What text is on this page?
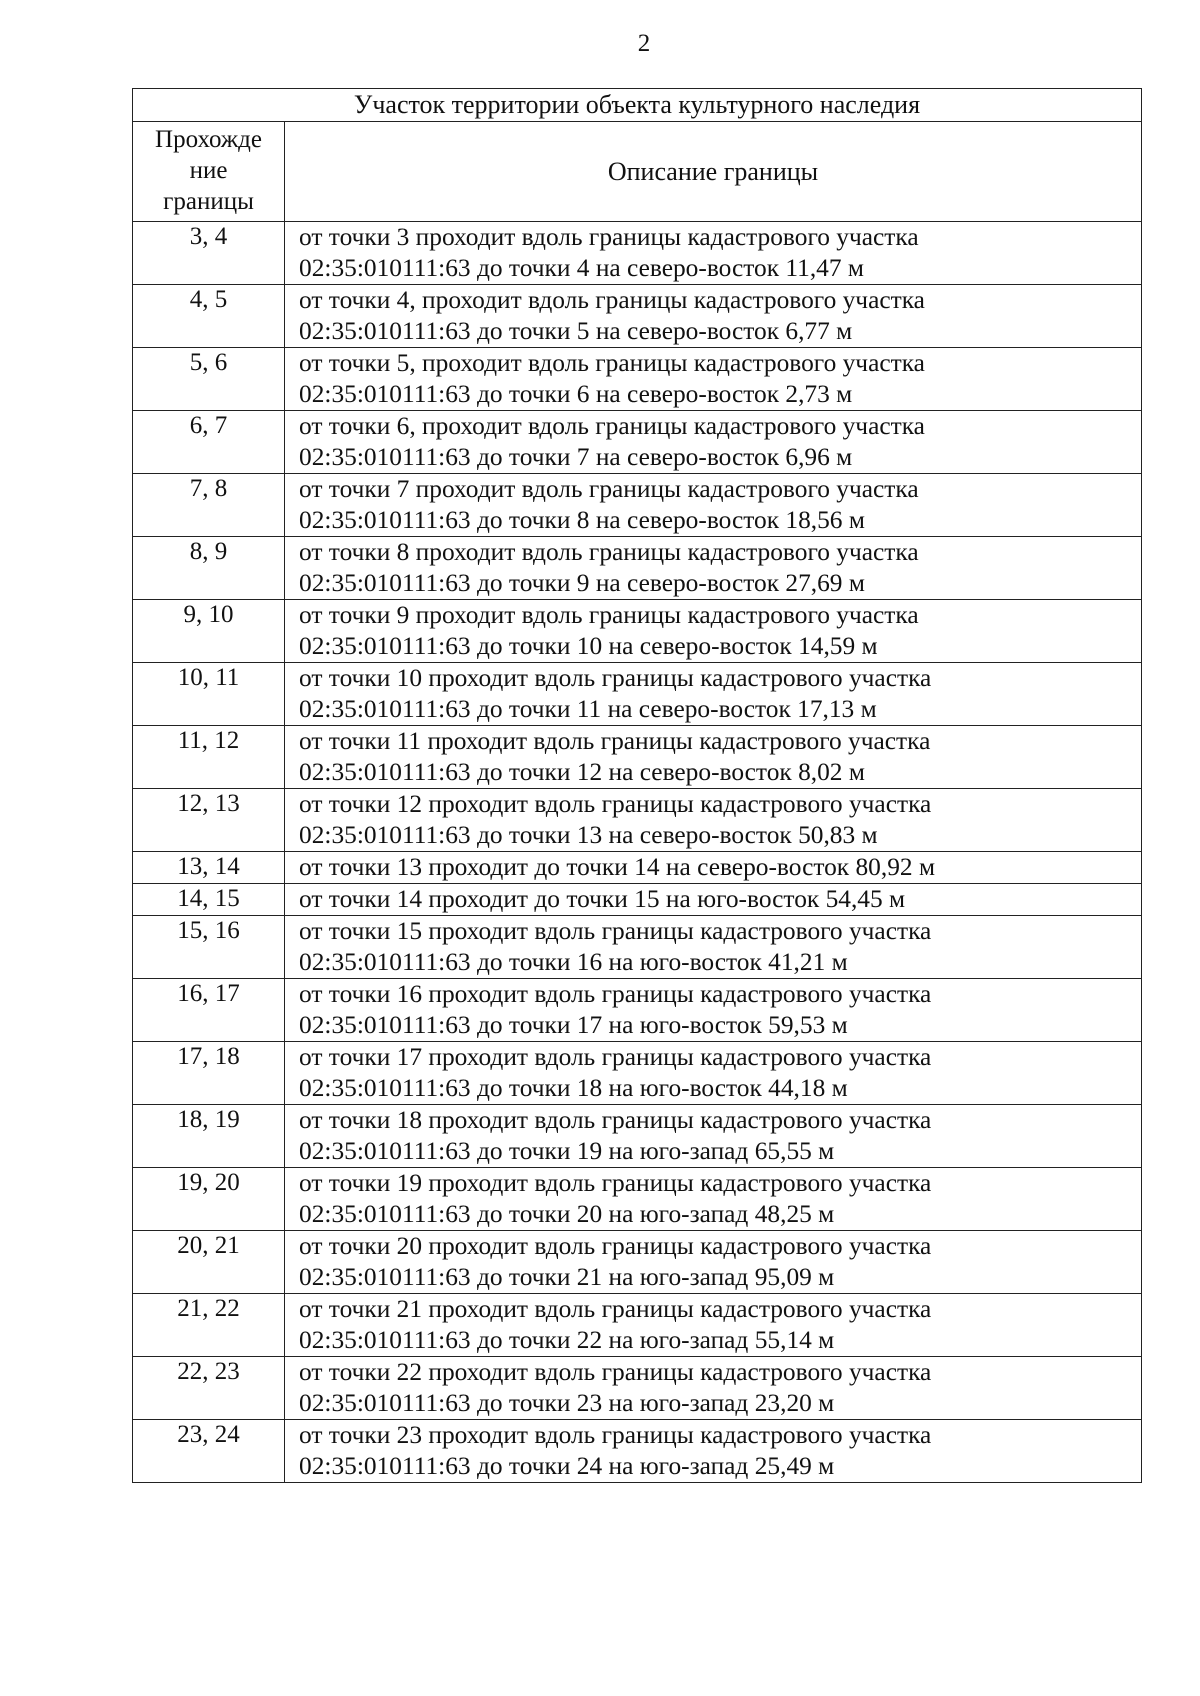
2
Участок территории объекта культурного наследия	

Прохожде
ние
границы	Описание границы
3, 4	от точки 3 проходит вдоль границы кадастрового участка
02:35:010111:63 до точки 4 на северо-восток 11,47 м

4, 5	от точки 4, проходит вдоль границы кадастрового участка
02:35:010111:63 до точки 5 на северо-восток 6,77 м

5, 6	от точки 5, проходит вдоль границы кадастрового участка
02:35:010111:63 до точки 6 на северо-восток 2,73 м

6, 7	от точки 6, проходит вдоль границы кадастрового участка
02:35:010111:63 до точки 7 на северо-восток 6,96 м

7, 8	от точки 7 проходит вдоль границы кадастрового участка
02:35:010111:63 до точки 8 на северо-восток 18,56 м

8, 9	от точки 8 проходит вдоль границы кадастрового участка
02:35:010111:63 до точки 9 на северо-восток 27,69 м

9, 10	от точки 9 проходит вдоль границы кадастрового участка
02:35:010111:63 до точки 10 на северо-восток 14,59 м

10, 11	от точки 10 проходит вдоль границы кадастрового участка
02:35:010111:63 до точки 11 на северо-восток 17,13 м

11, 12	от точки 11 проходит вдоль границы кадастрового участка
02:35:010111:63 до точки 12 на северо-восток 8,02 м

12, 13	от точки 12 проходит вдоль границы кадастрового участка
02:35:010111:63 до точки 13 на северо-восток 50,83 м

13, 14	от точки 13 проходит до точки 14 на северо-восток 80,92 м

14, 15	от точки 14 проходит до точки 15 на юго-восток 54,45 м

15, 16	от точки 15 проходит вдоль границы кадастрового участка
02:35:010111:63 до точки 16 на юго-восток 41,21 м

16, 17	от точки 16 проходит вдоль границы кадастрового участка
02:35:010111:63 до точки 17 на юго-восток 59,53 м

17, 18	от точки 17 проходит вдоль границы кадастрового участка
02:35:010111:63 до точки 18 на юго-восток 44,18 м

18, 19	от точки 18 проходит вдоль границы кадастрового участка
02:35:010111:63 до точки 19 на юго-запад 65,55 м

19, 20	от точки 19 проходит вдоль границы кадастрового участка
02:35:010111:63 до точки 20 на юго-запад 48,25 м

20, 21	от точки 20 проходит вдоль границы кадастрового участка
02:35:010111:63 до точки 21 на юго-запад 95,09 м

21, 22	от точки 21 проходит вдоль границы кадастрового участка
02:35:010111:63 до точки 22 на юго-запад 55,14 м

22, 23	от точки 22 проходит вдоль границы кадастрового участка
02:35:010111:63 до точки 23 на юго-запад 23,20 м

23, 24	от точки 23 проходит вдоль границы кадастрового участка
02:35:010111:63 до точки 24 на юго-запад 25,49 м
